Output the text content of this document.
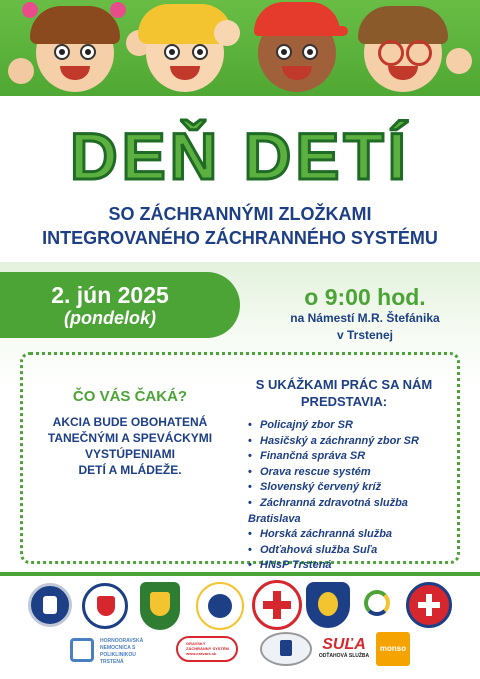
DEŇ DETÍ
SO ZÁCHRANNÝMI ZLOŽKAMI
INTEGROVANÉHO ZÁCHRANNÉHO SYSTÉMU
2. jún 2025
(pondelok)
o 9:00 hod.
na Námestí M.R. Štefánika
v Trstenej
ČO VÁS ČAKÁ?
AKCIA BUDE OBOHATENÁ
TANEČNÝMI A SPEVÁCKYMI
VYSTÚPENIAMI
DETÍ A MLÁDEŽE.
S UKÁŽKAMI PRÁC SA NÁM
PREDSTAVIA:
• Policajný zbor SR
• Hasičský a záchranný zbor SR
• Finančná správa SR
• Orava rescue systém
• Slovenský červený kríž
• Záchranná zdravotná služba Bratislava
• Horská záchranná služba
• Odťahová služba Suľa
• HNsP Trstená
HORNOORAVSKÁ
NEMOCNICA S POLIKLINIKOU
TRSTENÁ
ORAVSKÝ
ZÁCHRANNÝ SYSTÉM
www.oravars.sk
SUĽA
ODŤAHOVÁ SLUŽBA
monso
